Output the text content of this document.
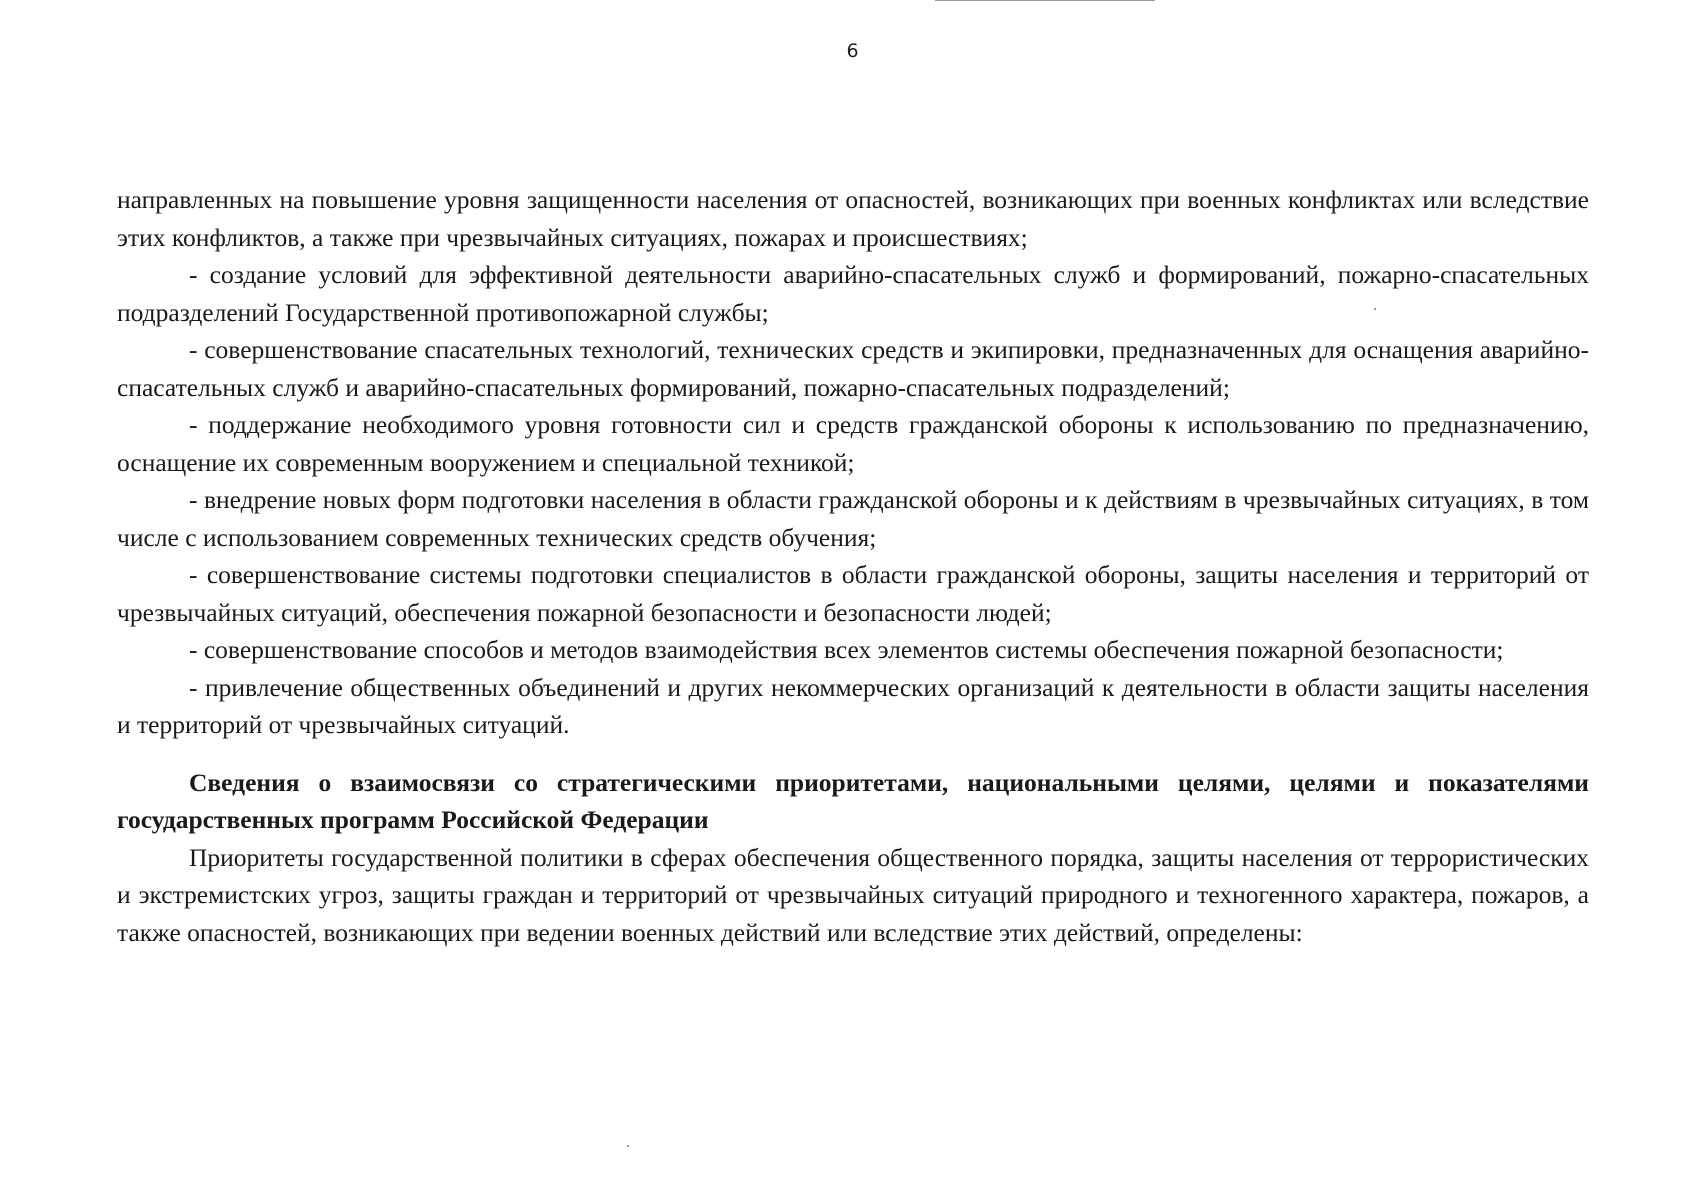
6

направленных на повышение уровня защищенности населения от опасностей, возникающих при военных конфликтах или вследствие этих конфликтов, а также при чрезвычайных ситуациях, пожарах и происшествиях;

- создание условий для эффективной деятельности аварийно-спасательных служб и формирований, пожарно-спасательных подразделений Государственной противопожарной службы;

- совершенствование спасательных технологий, технических средств и экипировки, предназначенных для оснащения аварийно-спасательных служб и аварийно-спасательных формирований, пожарно-спасательных подразделений;

- поддержание необходимого уровня готовности сил и средств гражданской обороны к использованию по предназначению, оснащение их современным вооружением и специальной техникой;

- внедрение новых форм подготовки населения в области гражданской обороны и к действиям в чрезвычайных ситуациях, в том числе с использованием современных технических средств обучения;

- совершенствование системы подготовки специалистов в области гражданской обороны, защиты населения и территорий от чрезвычайных ситуаций, обеспечения пожарной безопасности и безопасности людей;

- совершенствование способов и методов взаимодействия всех элементов системы обеспечения пожарной безопасности;

- привлечение общественных объединений и других некоммерческих организаций к деятельности в области защиты населения и территорий от чрезвычайных ситуаций.

Сведения о взаимосвязи со стратегическими приоритетами, национальными целями, целями и показателями государственных программ Российской Федерации

Приоритеты государственной политики в сферах обеспечения общественного порядка, защиты населения от террористических и экстремистских угроз, защиты граждан и территорий от чрезвычайных ситуаций природного и техногенного характера, пожаров, а также опасностей, возникающих при ведении военных действий или вследствие этих действий, определены:
